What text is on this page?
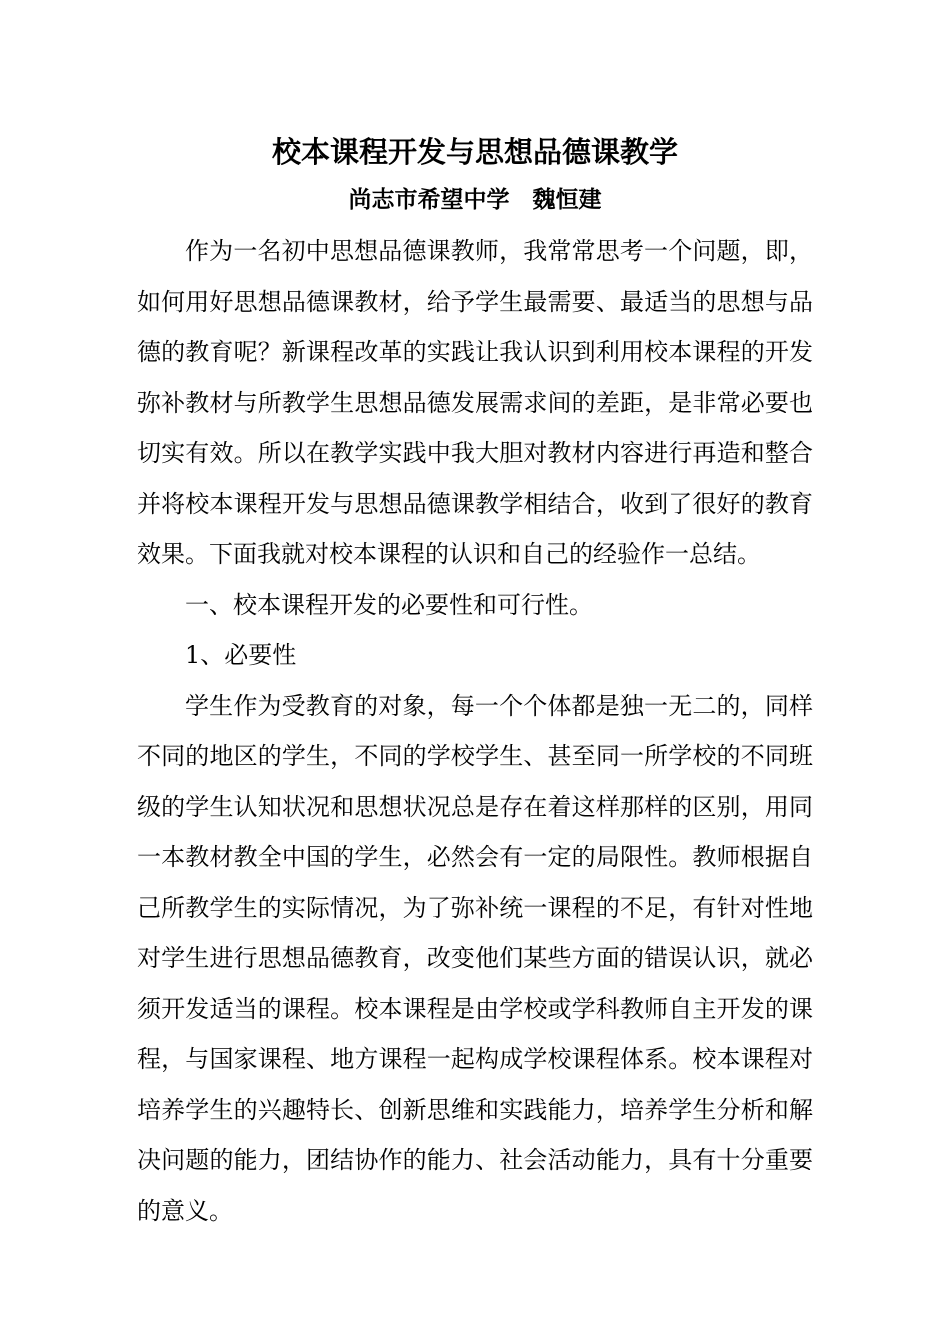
校本课程开发与思想品德课教学
尚志市希望中学　魏恒建

作为一名初中思想品德课教师，我常常思考一个问题，即，如何用好思想品德课教材，给予学生最需要、最适当的思想与品德的教育呢？新课程改革的实践让我认识到利用校本课程的开发弥补教材与所教学生思想品德发展需求间的差距，是非常必要也切实有效。所以在教学实践中我大胆对教材内容进行再造和整合并将校本课程开发与思想品德课教学相结合，收到了很好的教育效果。下面我就对校本课程的认识和自己的经验作一总结。

一、校本课程开发的必要性和可行性。

1、必要性

学生作为受教育的对象，每一个个体都是独一无二的，同样不同的地区的学生，不同的学校学生、甚至同一所学校的不同班级的学生认知状况和思想状况总是存在着这样那样的区别，用同一本教材教全中国的学生，必然会有一定的局限性。教师根据自己所教学生的实际情况，为了弥补统一课程的不足，有针对性地对学生进行思想品德教育，改变他们某些方面的错误认识，就必须开发适当的课程。校本课程是由学校或学科教师自主开发的课程，与国家课程、地方课程一起构成学校课程体系。校本课程对培养学生的兴趣特长、创新思维和实践能力，培养学生分析和解决问题的能力，团结协作的能力、社会活动能力，具有十分重要的意义。
